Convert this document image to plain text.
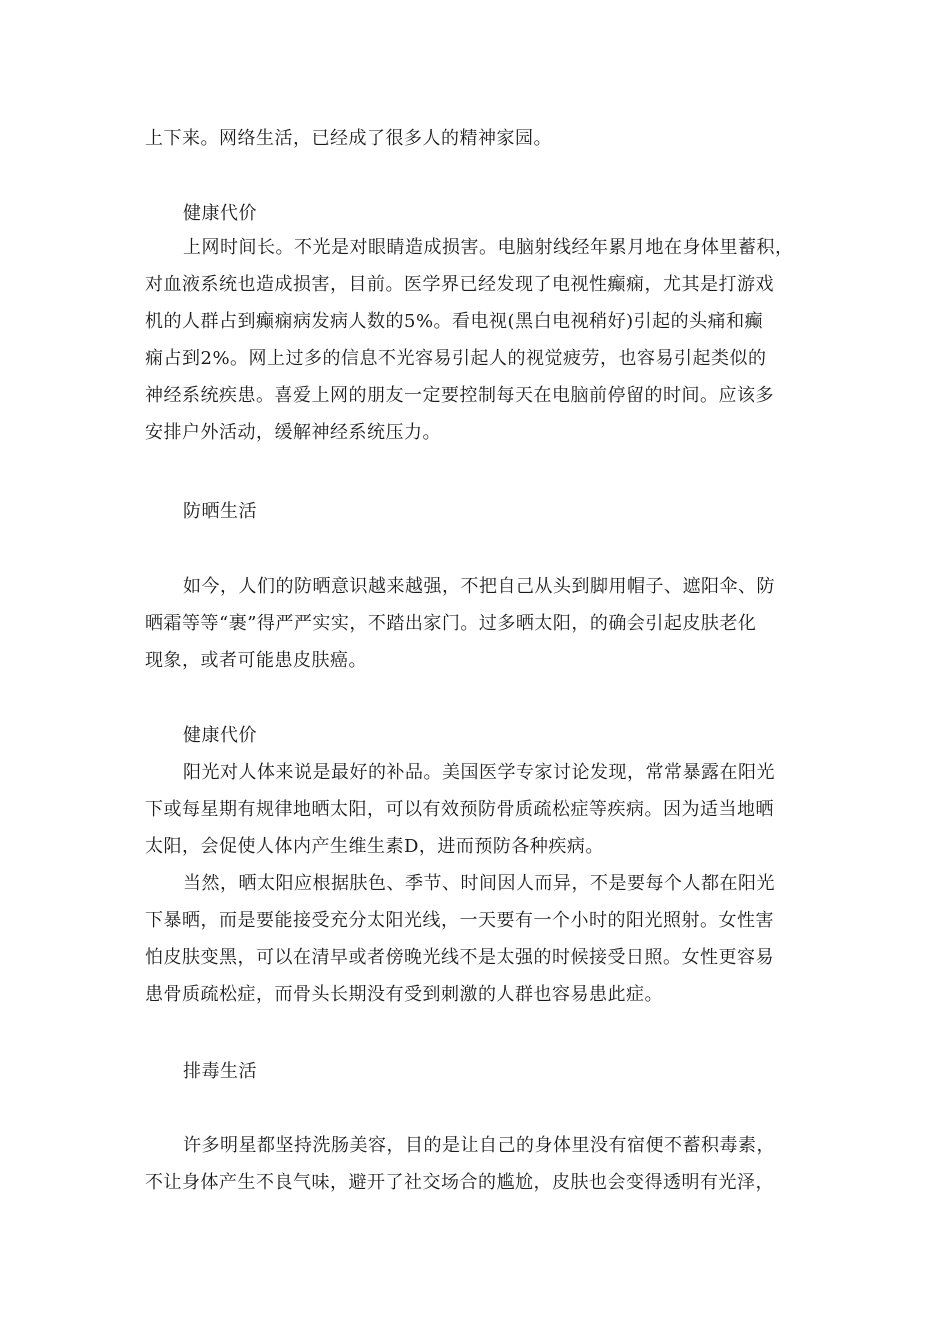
上下来。网络生活，已经成了很多人的精神家园。
健康代价
上网时间长。不光是对眼睛造成损害。电脑射线经年累月地在身体里蓄积，
对血液系统也造成损害，目前。医学界已经发现了电视性癫痫，尤其是打游戏
机的人群占到癫痫病发病人数的5%。看电视(黑白电视稍好)引起的头痛和癫
痫占到2%。网上过多的信息不光容易引起人的视觉疲劳，也容易引起类似的
神经系统疾患。喜爱上网的朋友一定要控制每天在电脑前停留的时间。应该多
安排户外活动，缓解神经系统压力。
防晒生活
如今，人们的防晒意识越来越强，不把自己从头到脚用帽子、遮阳伞、防
晒霜等等“裹”得严严实实，不踏出家门。过多晒太阳，的确会引起皮肤老化
现象，或者可能患皮肤癌。
健康代价
阳光对人体来说是最好的补品。美国医学专家讨论发现，常常暴露在阳光
下或每星期有规律地晒太阳，可以有效预防骨质疏松症等疾病。因为适当地晒
太阳，会促使人体内产生维生素D，进而预防各种疾病。
当然，晒太阳应根据肤色、季节、时间因人而异，不是要每个人都在阳光
下暴晒，而是要能接受充分太阳光线，一天要有一个小时的阳光照射。女性害
怕皮肤变黑，可以在清早或者傍晚光线不是太强的时候接受日照。女性更容易
患骨质疏松症，而骨头长期没有受到刺激的人群也容易患此症。
排毒生活
许多明星都坚持洗肠美容，目的是让自己的身体里没有宿便不蓄积毒素，
不让身体产生不良气味，避开了社交场合的尴尬，皮肤也会变得透明有光泽，
